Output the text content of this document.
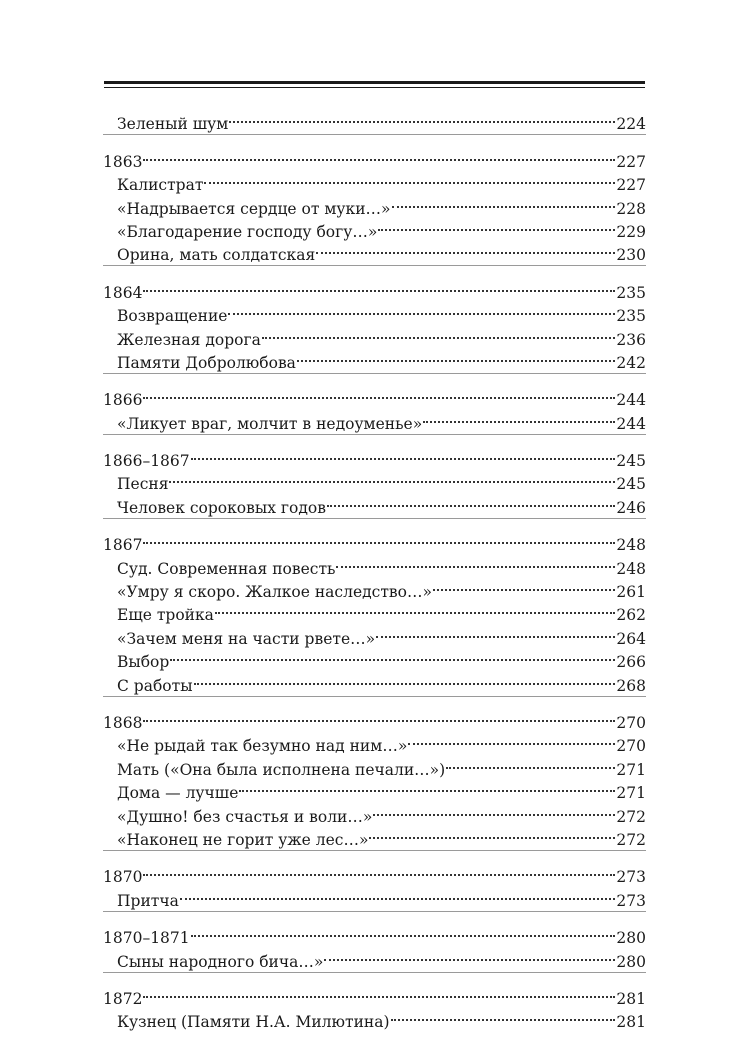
Зеленый шум	224
1863	227
Калистрат	227
«Надрывается сердце от муки…»	228
«Благодарение господу богу…»	229
Орина, мать солдатская	230
1864	235
Возвращение	235
Железная дорога	236
Памяти Добролюбова	242
1866	244
«Ликует враг, молчит в недоуменье»	244
1866–1867	245
Песня	245
Человек сороковых годов	246
1867	248
Суд. Современная повесть	248
«Умру я скоро. Жалкое наследство…»	261
Еще тройка	262
«Зачем меня на части рвете…»	264
Выбор	266
С работы	268
1868	270
«Не рыдай так безумно над ним…»	270
Мать («Она была исполнена печали…»)	271
Дома — лучше	271
«Душно! без счастья и воли…»	272
«Наконец не горит уже лес…»	272
1870	273
Притча	273
1870–1871	280
Сыны народного бича…»	280
1872	281
Кузнец (Памяти Н.А. Милютина)	281
